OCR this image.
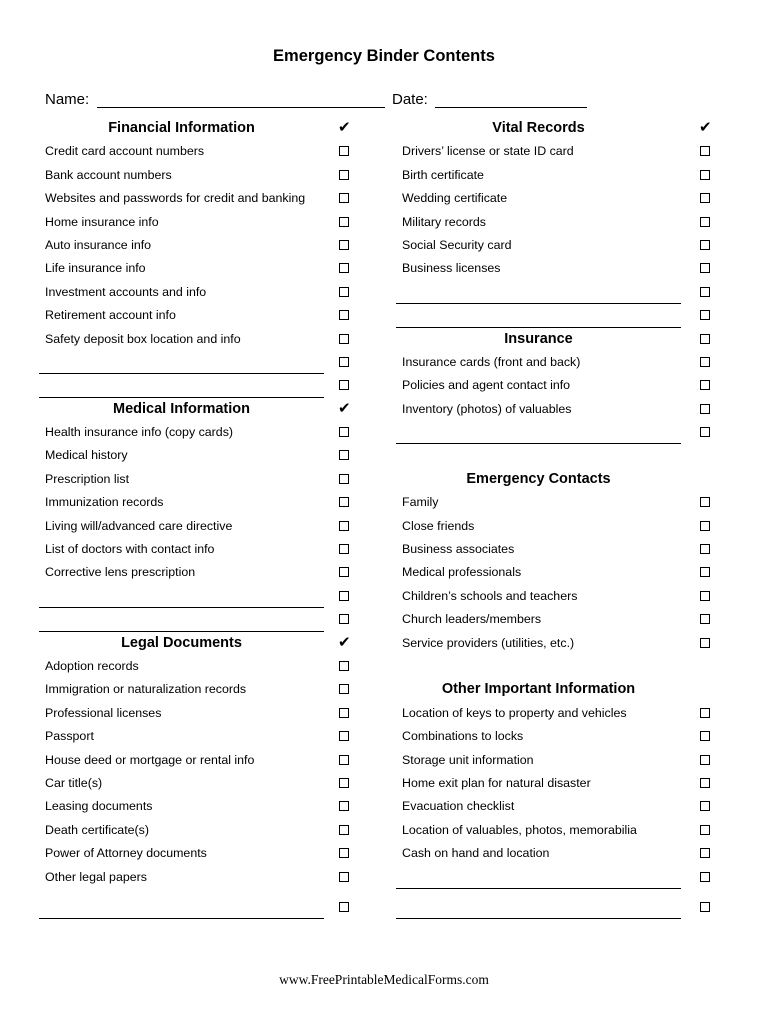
Emergency Binder Contents
Name:	Date:
Financial Information	✔
Credit card account numbers
Bank account numbers
Websites and passwords for credit and banking
Home insurance info
Auto insurance info
Life insurance info
Investment accounts and info
Retirement account info
Safety deposit box location and info
Medical Information	✔
Health insurance info (copy cards)
Medical history
Prescription list
Immunization records
Living will/advanced care directive
List of doctors with contact info
Corrective lens prescription
Legal Documents	✔
Adoption records
Immigration or naturalization records
Professional licenses
Passport
House deed or mortgage or rental info
Car title(s)
Leasing documents
Death certificate(s)
Power of Attorney documents
Other legal papers
Vital Records	✔
Drivers’ license or state ID card
Birth certificate
Wedding certificate
Military records
Social Security card
Business licenses
Insurance
Insurance cards (front and back)
Policies and agent contact info
Inventory (photos) of valuables
Emergency Contacts
Family
Close friends
Business associates
Medical professionals
Children’s schools and teachers
Church leaders/members
Service providers (utilities, etc.)
Other Important Information
Location of keys to property and vehicles
Combinations to locks
Storage unit information
Home exit plan for natural disaster
Evacuation checklist
Location of valuables, photos, memorabilia
Cash on hand and location
www.FreePrintableMedicalForms.com
